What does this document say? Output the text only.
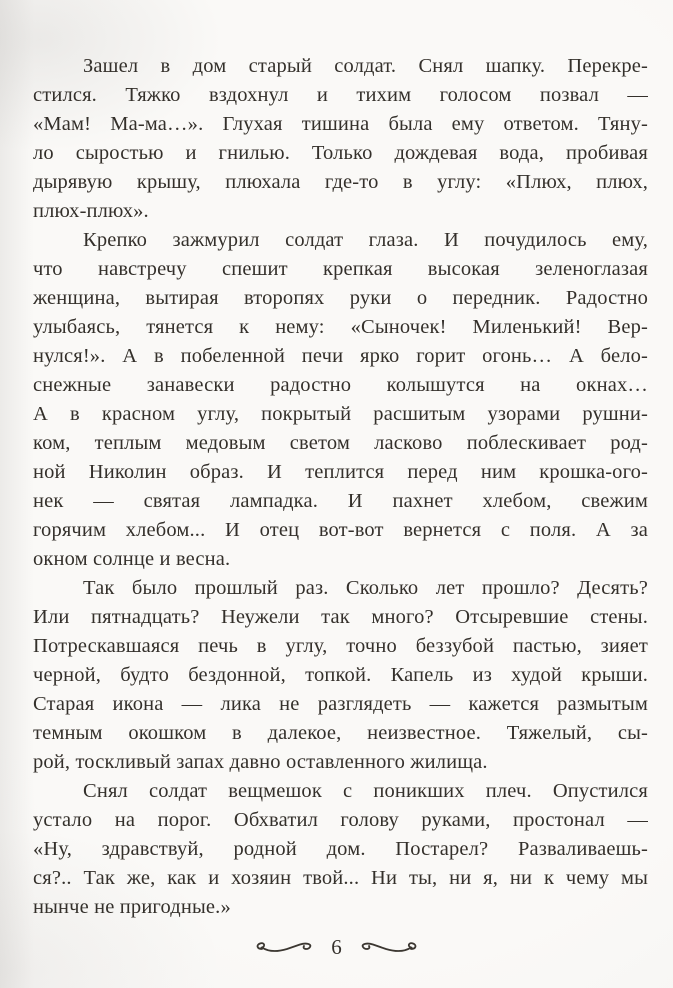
Зашел в дом старый солдат. Снял шапку. Перекре-
стился. Тяжко вздохнул и тихим голосом позвал —
«Мам! Ма-ма…». Глухая тишина была ему ответом. Тяну-
ло сыростью и гнилью. Только дождевая вода, пробивая
дырявую крышу, плюхала где-то в углу: «Плюх, плюх,
плюх-плюх».
Крепко зажмурил солдат глаза. И почудилось ему,
что навстречу спешит крепкая высокая зеленоглазая
женщина, вытирая второпях руки о передник. Радостно
улыбаясь, тянется к нему: «Сыночек! Миленький! Вер-
нулся!». А в побеленной печи ярко горит огонь… А бело-
снежные занавески радостно колышутся на окнах…
А в красном углу, покрытый расшитым узорами рушни-
ком, теплым медовым светом ласково поблескивает род-
ной Николин образ. И теплится перед ним крошка-ого-
нек — святая лампадка. И пахнет хлебом, свежим
горячим хлебом... И отец вот-вот вернется с поля. А за
окном солнце и весна.
Так было прошлый раз. Сколько лет прошло? Десять?
Или пятнадцать? Неужели так много? Отсыревшие стены.
Потрескавшаяся печь в углу, точно беззубой пастью, зияет
черной, будто бездонной, топкой. Капель из худой крыши.
Старая икона — лика не разглядеть — кажется размытым
темным окошком в далекое, неизвестное. Тяжелый, сы-
рой, тоскливый запах давно оставленного жилища.
Снял солдат вещмешок с поникших плеч. Опустился
устало на порог. Обхватил голову руками, простонал —
«Ну, здравствуй, родной дом. Постарел? Разваливаешь-
ся?.. Так же, как и хозяин твой... Ни ты, ни я, ни к чему мы
нынче не пригодные.»
6
